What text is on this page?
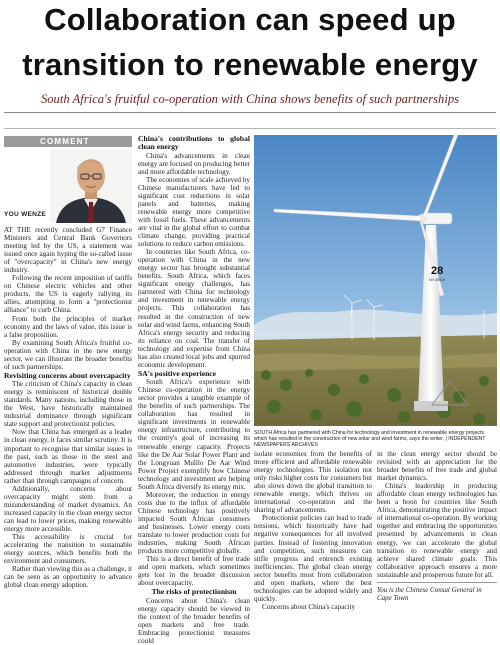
Collaboration can speed up
transition to renewable energy
South Africa's fruitful co-operation with China shows benefits of such partnerships
COMMENT
YOU WENZE

AT THE recently concluded G7 Finance Ministers and Central Bank Governors meeting led by the US, a statement was issued once again hyping the so-called issue of "overcapacity" in China's new energy industry.

Following the recent imposition of tariffs on Chinese electric vehicles and other products, the US is eagerly rallying its allies, attempting to form a "protectionist alliance" to curb China.

From both the principles of market economy and the laws of value, this issue is a false proposition.

By examining South Africa's fruitful co-operation with China in the new energy sector, we can illustrate the broader benefits of such partnerships.

Revisiting concerns about overcapacity

The criticism of China's capacity in clean energy is reminiscent of historical double standards. Many nations, including those in the West, have historically maintained industrial dominance through significant state support and protectionist policies.

Now that China has emerged as a leader in clean energy, it faces similar scrutiny. It is important to recognise that similar issues in the past, such as those in the steel and automotive industries, were typically addressed through market adjustments rather than through campaigns of concern.

Additionally, concerns about overcapacity might stem from a misunderstanding of market dynamics. An increased capacity in the clean energy sector can lead to lower prices, making renewable energy more accessible.

This accessibility is crucial for accelerating the transition to sustainable energy sources, which benefits both the environment and consumers.

Rather than viewing this as a challenge, it can be seen as an opportunity to advance global clean energy adoption.

China's contributions to global clean energy

China's advancements in clean energy are focused on producing better and more affordable technology.

The economies of scale achieved by Chinese manufacturers have led to significant cost reductions in solar panels and batteries, making renewable energy more competitive with fossil fuels. These advancements are vital in the global effort to combat climate change, providing practical solutions to reduce carbon emissions.

In countries like South Africa, co-operation with China in the new energy sector has brought substantial benefits. South Africa, which faces significant energy challenges, has partnered with China for technology and investment in renewable energy projects. This collaboration has resulted in the construction of new solar and wind farms, enhancing South Africa's energy security and reducing its reliance on coal. The transfer of technology and expertise from China has also created local jobs and spurred economic development.

SA's positive experience

South Africa's experience with Chinese co-operation in the energy sector provides a tangible example of the benefits of such partnerships. The collaboration has resulted in significant investments in renewable energy infrastructure, contributing to the country's goal of increasing its renewable energy capacity. Projects like the De Aar Solar Power Plant and the Longyuan Mulilo De Aar Wind Power Project exemplify how Chinese technology and investment are helping South Africa diversify its energy mix.

Moreover, the reduction in energy costs due to the influx of affordable Chinese technology has positively impacted South African consumers and businesses. Lower energy costs translate to lower production costs for industries, making South African products more competitive globally.

This is a direct benefit of free trade and open markets, which sometimes gets lost in the broader discussion about overcapacity.

The risks of protectionism

Concerns about China's clean energy capacity should be viewed in the context of the broader benefits of open markets and free trade. Embracing protectionist measures could

28
MV 45516
SOUTH Africa has partnered with China for technology and investment in renewable energy projects which has resulted in the construction of new solar and wind farms, says the writer. | INDEPENDENT NEWSPAPERS ARCHIVES

isolate economies from the benefits of more efficient and affordable renewable energy technologies. This isolation not only risks higher costs for consumers but also slows down the global transition to renewable energy, which thrives on international co-operation and the sharing of advancements.

Protectionist policies can lead to trade tensions, which historically have had negative consequences for all involved parties. Instead of fostering innovation and competition, such measures can stifle progress and entrench existing inefficiencies. The global clean energy sector benefits most from collaboration and open markets, where the best technologies can be adopted widely and quickly.

Concerns about China's capacity

in the clean energy sector should be revisited with an appreciation for the broader benefits of free trade and global market dynamics.

China's leadership in producing affordable clean energy technologies has been a boon for countries like South Africa, demonstrating the positive impact of international co-operation. By working together and embracing the opportunities presented by advancements in clean energy, we can accelerate the global transition to renewable energy and achieve shared climate goals. This collaborative approach ensures a more sustainable and prosperous future for all.

You is the Chinese Consul General in Cape Town
